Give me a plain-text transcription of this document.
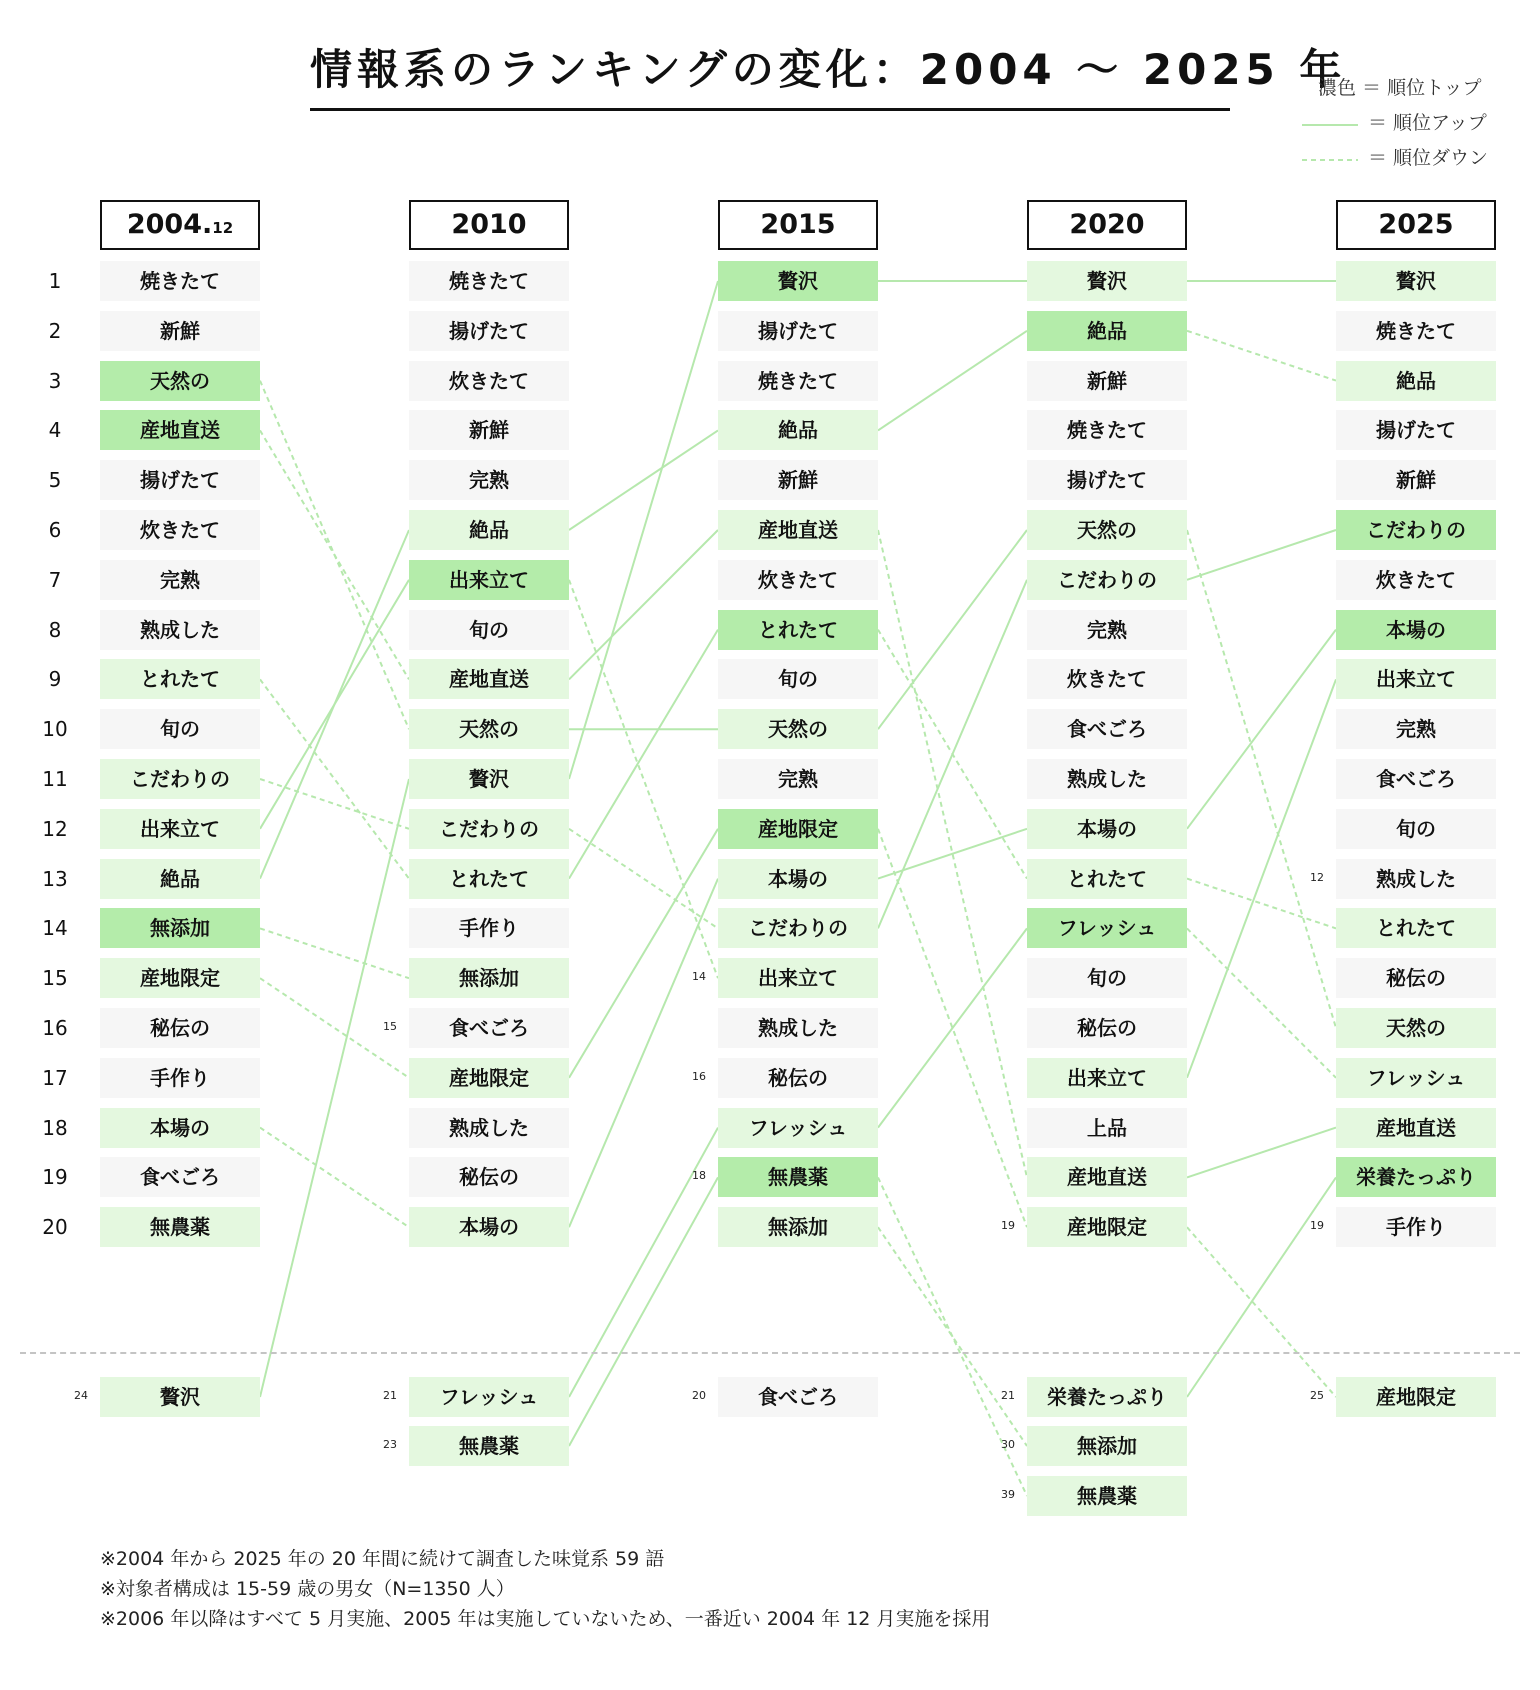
情報系のランキングの変化：2004 〜 2025 年
濃色 ＝ 順位トップ
＝ 順位アップ
＝ 順位ダウン
1
2
3
4
5
6
7
8
9
10
11
12
13
14
15
16
17
18
19
20
2004.12
焼きたて
新鮮
天然の
産地直送
揚げたて
炊きたて
完熟
熟成した
とれたて
旬の
こだわりの
出来立て
絶品
無添加
産地限定
秘伝の
手作り
本場の
食べごろ
無農薬
贅沢
24
2010
焼きたて
揚げたて
炊きたて
新鮮
完熟
絶品
出来立て
旬の
産地直送
天然の
贅沢
こだわりの
とれたて
手作り
無添加
食べごろ
15
産地限定
熟成した
秘伝の
本場の
フレッシュ
21
無農薬
23
2015
贅沢
揚げたて
焼きたて
絶品
新鮮
産地直送
炊きたて
とれたて
旬の
天然の
完熟
産地限定
本場の
こだわりの
出来立て
14
熟成した
秘伝の
16
フレッシュ
無農薬
18
無添加
食べごろ
20
2020
贅沢
絶品
新鮮
焼きたて
揚げたて
天然の
こだわりの
完熟
炊きたて
食べごろ
熟成した
本場の
とれたて
フレッシュ
旬の
秘伝の
出来立て
上品
産地直送
産地限定
19
栄養たっぷり
21
無添加
30
無農薬
39
2025
贅沢
焼きたて
絶品
揚げたて
新鮮
こだわりの
炊きたて
本場の
出来立て
完熟
食べごろ
旬の
熟成した
12
とれたて
秘伝の
天然の
フレッシュ
産地直送
栄養たっぷり
手作り
19
産地限定
25
※2004 年から 2025 年の 20 年間に続けて調査した味覚系 59 語
※対象者構成は 15-59 歳の男女（N=1350 人）
※2006 年以降はすべて 5 月実施、2005 年は実施していないため、一番近い 2004 年 12 月実施を採用
